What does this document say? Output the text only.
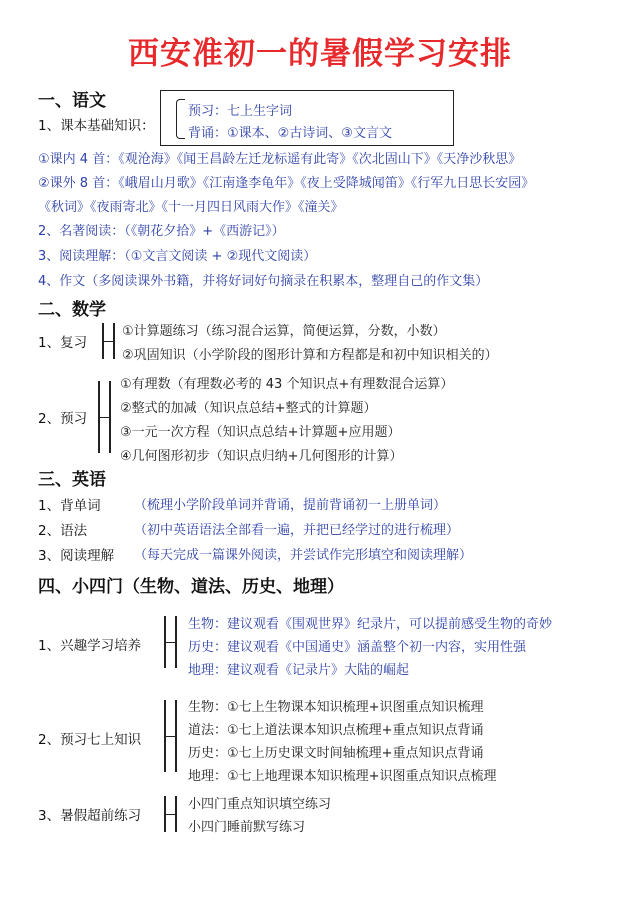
西安准初一的暑假学习安排
一、语文
1、课本基础知识：
预习：七上生字词
背诵：①课本、②古诗词、③文言文
①课内 4 首：《观沧海》《闻王昌龄左迁龙标遥有此寄》《次北固山下》《天净沙秋思》
②课外 8 首：《峨眉山月歌》《江南逢李龟年》《夜上受降城闻笛》《行军九日思长安园》
《秋词》《夜雨寄北》《十一月四日风雨大作》《潼关》
2、名著阅读：（《朝花夕拾》+《西游记》）
3、阅读理解：（①文言文阅读 + ②现代文阅读）
4、作文（多阅读课外书籍，并将好词好句摘录在积累本，整理自己的作文集）
二、数学
1、复习
①计算题练习（练习混合运算，简便运算，分数，小数）
②巩固知识（小学阶段的图形计算和方程都是和初中知识相关的）
2、预习
①有理数（有理数必考的 43 个知识点+有理数混合运算）
②整式的加减（知识点总结+整式的计算题）
③一元一次方程（知识点总结+计算题+应用题）
④几何图形初步（知识点归纳+几何图形的计算）
三、英语
1、背单词	（梳理小学阶段单词并背诵，提前背诵初一上册单词）
2、语法	（初中英语语法全部看一遍，并把已经学过的进行梳理）
3、阅读理解 （每天完成一篇课外阅读，并尝试作完形填空和阅读理解）
四、小四门（生物、道法、历史、地理）
1、兴趣学习培养
生物：建议观看《围观世界》纪录片，可以提前感受生物的奇妙
历史：建议观看《中国通史》涵盖整个初一内容，实用性强
地理：建议观看《记录片》大陆的崛起
2、预习七上知识
生物：①七上生物课本知识梳理+识图重点知识梳理
道法：①七上道法课本知识点梳理+重点知识点背诵
历史：①七上历史课文时间轴梳理+重点知识点背诵
地理：①七上地理课本知识梳理+识图重点知识点梳理
3、暑假超前练习
小四门重点知识填空练习
小四门睡前默写练习
